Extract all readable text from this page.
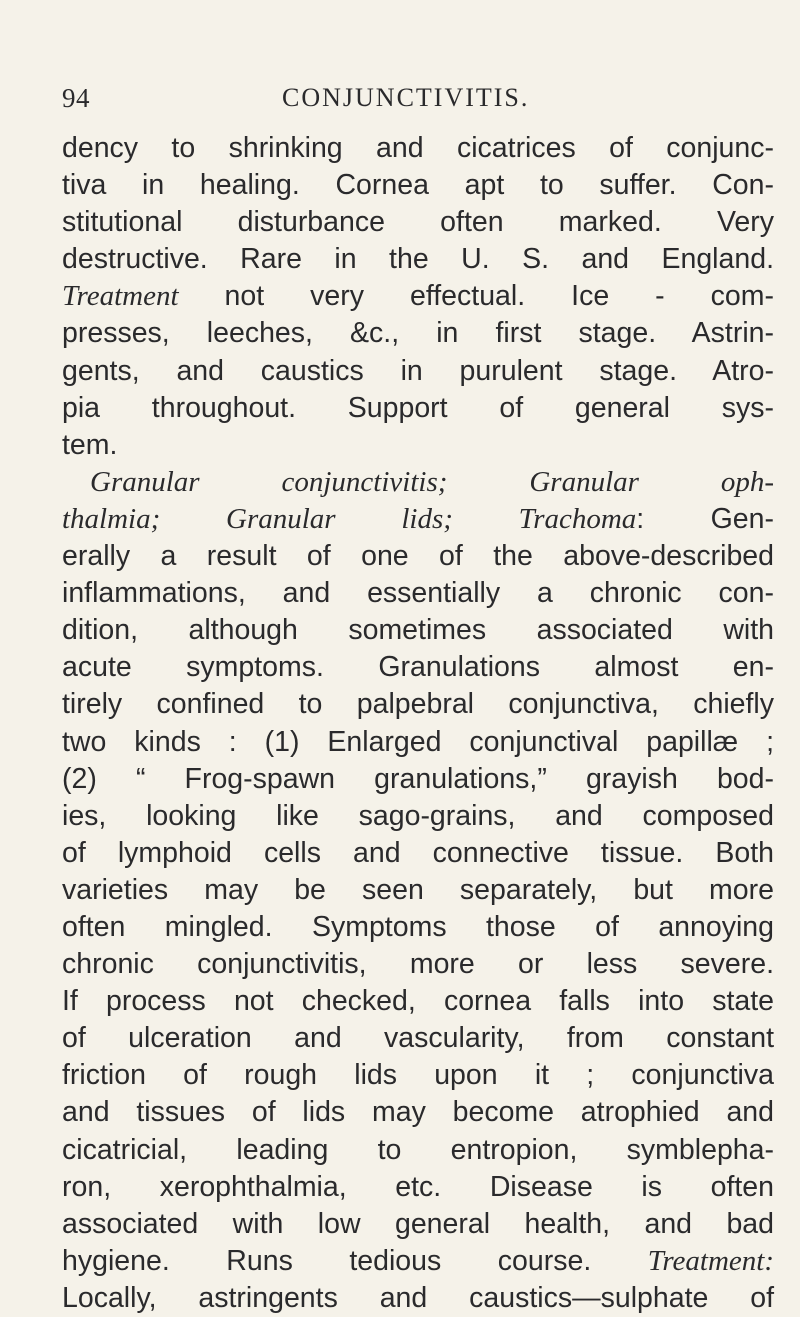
94	CONJUNCTIVITIS.
dency to shrinking and cicatrices of conjunc-
tiva in healing. Cornea apt to suffer. Con-
stitutional disturbance often marked. Very
destructive. Rare in the U. S. and England.
Treatment not very effectual. Ice - com-
presses, leeches, &c., in first stage. Astrin-
gents, and caustics in purulent stage. Atro-
pia throughout. Support of general sys-
tem.
Granular conjunctivitis; Granular oph-
thalmia; Granular lids; Trachoma: Gen-
erally a result of one of the above-described
inflammations, and essentially a chronic con-
dition, although sometimes associated with
acute symptoms. Granulations almost en-
tirely confined to palpebral conjunctiva, chiefly
two kinds : (1) Enlarged conjunctival papillæ ;
(2) “ Frog-spawn granulations,” grayish bod-
ies, looking like sago-grains, and composed
of lymphoid cells and connective tissue. Both
varieties may be seen separately, but more
often mingled. Symptoms those of annoying
chronic conjunctivitis, more or less severe.
If process not checked, cornea falls into state
of ulceration and vascularity, from constant
friction of rough lids upon it ; conjunctiva
and tissues of lids may become atrophied and
cicatricial, leading to entropion, symblepha-
ron, xerophthalmia, etc. Disease is often
associated with low general health, and bad
hygiene. Runs tedious course. Treatment:
Locally, astringents and caustics—sulphate of
